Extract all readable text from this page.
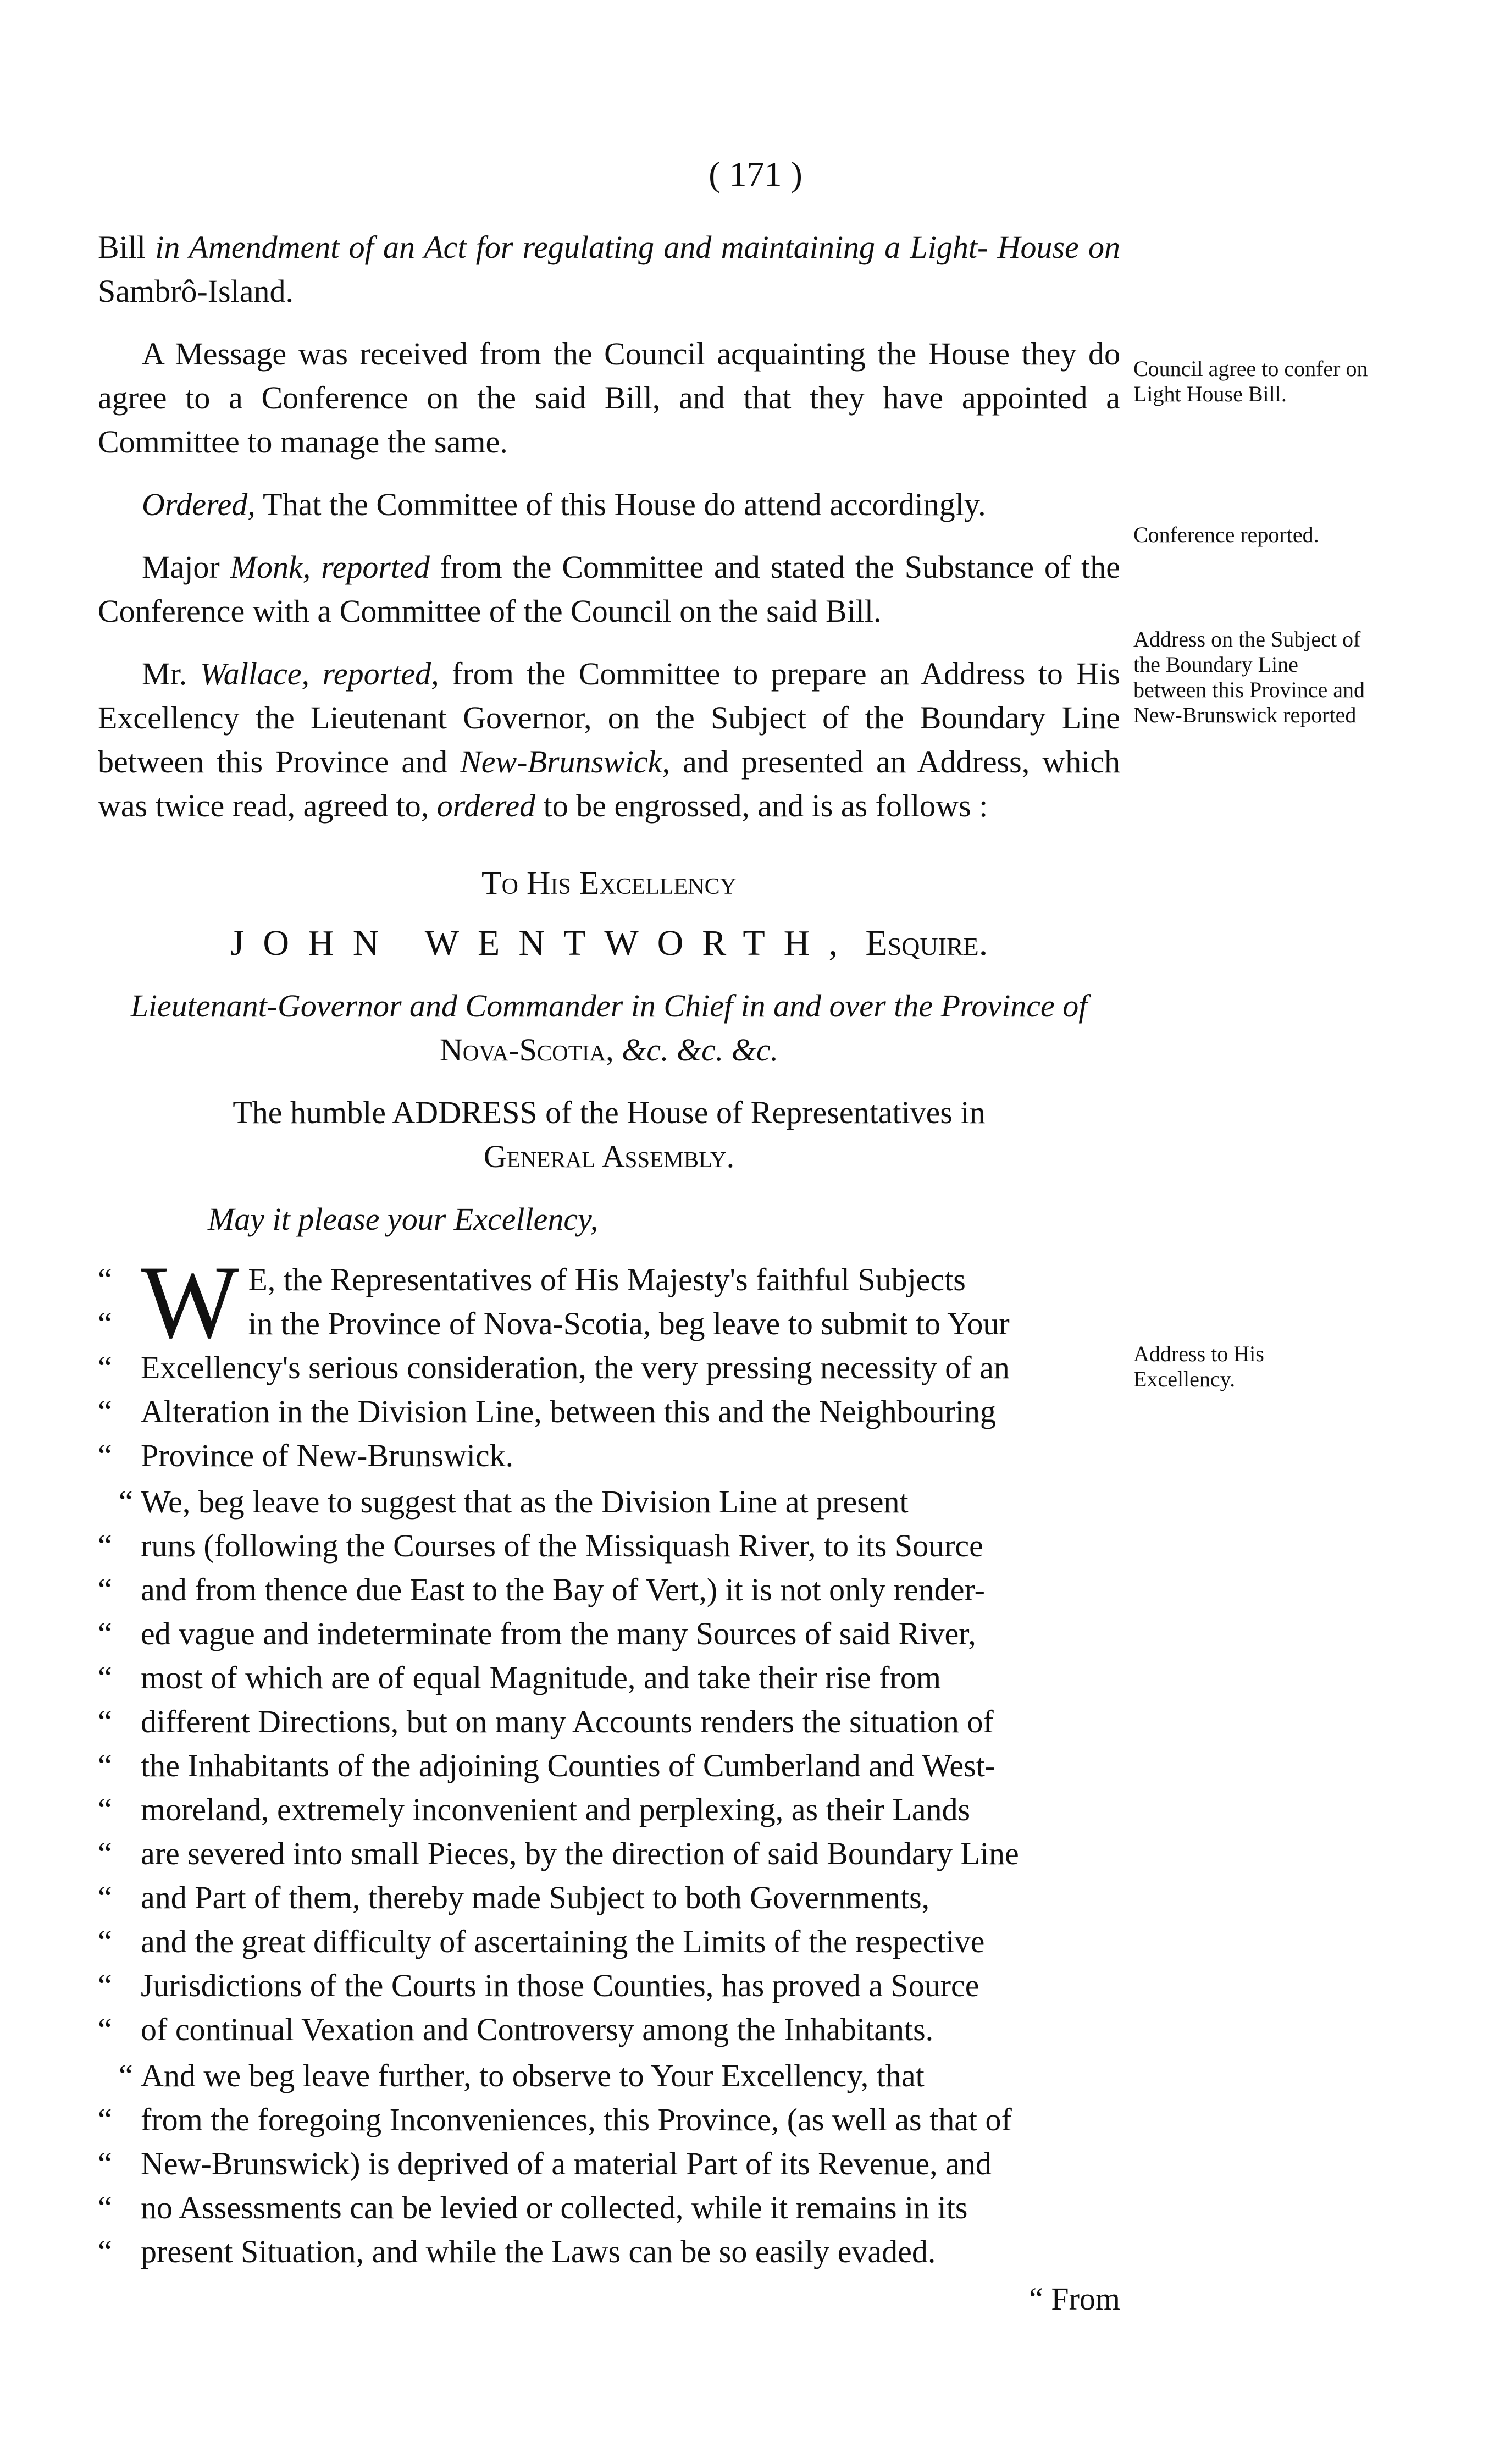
( 171 )

Bill in Amendment of an Act for regulating and maintaining a Light- House on Sambrô-Island.

A Message was received from the Council acquainting the House they do agree to a Conference on the said Bill, and that they have appointed a Committee to manage the same.

Ordered, That the Committee of this House do attend accordingly.

Major Monk, reported from the Committee and stated the Substance of the Conference with a Committee of the Council on the said Bill.

Mr. Wallace, reported, from the Committee to prepare an Address to His Excellency the Lieutenant Governor, on the Subject of the Boundary Line between this Province and New-Brunswick, and presented an Address, which was twice read, agreed to, ordered to be engrossed, and is as follows :

To His Excellency

JOHN WENTWORTH, Esquire.

Lieutenant-Governor and Commander in Chief in and over the Province of

Nova-Scotia, &c. &c. &c.

The humble ADDRESS of the House of Representatives in

General Assembly.

May it please your Excellency,

W
“	E, the Representatives of His Majesty's faithful Subjects
“	in the Province of Nova-Scotia, beg leave to submit to Your
“ Excellency's serious consideration, the very pressing necessity of an
“ Alteration in the Division Line, between this and the Neighbouring
“ Province of New-Brunswick.
“ We, beg leave to suggest that as the Division Line at present
“ runs (following the Courses of the Missiquash River, to its Source
“ and from thence due East to the Bay of Vert,) it is not only render-
“ ed vague and indeterminate from the many Sources of said River,
“ most of which are of equal Magnitude, and take their rise from
“ different Directions, but on many Accounts renders the situation of
“ the Inhabitants of the adjoining Counties of Cumberland and West-
“ moreland, extremely inconvenient and perplexing, as their Lands
“ are severed into small Pieces, by the direction of said Boundary Line
“ and Part of them, thereby made Subject to both Governments,
“ and the great difficulty of ascertaining the Limits of the respective
“ Jurisdictions of the Courts in those Counties, has proved a Source
“ of continual Vexation and Controversy among the Inhabitants.
“ And we beg leave further, to observe to Your Excellency, that
“ from the foregoing Inconveniences, this Province, (as well as that of
“ New-Brunswick) is deprived of a material Part of its Revenue, and
“ no Assessments can be levied or collected, while it remains in its
“ present Situation, and while the Laws can be so easily evaded.

“ From

Council agree to confer on Light House Bill.
Conference reported.
Address on the Subject of the Boundary Line between this Province and New-Brunswick reported
Address to His Excellency.
